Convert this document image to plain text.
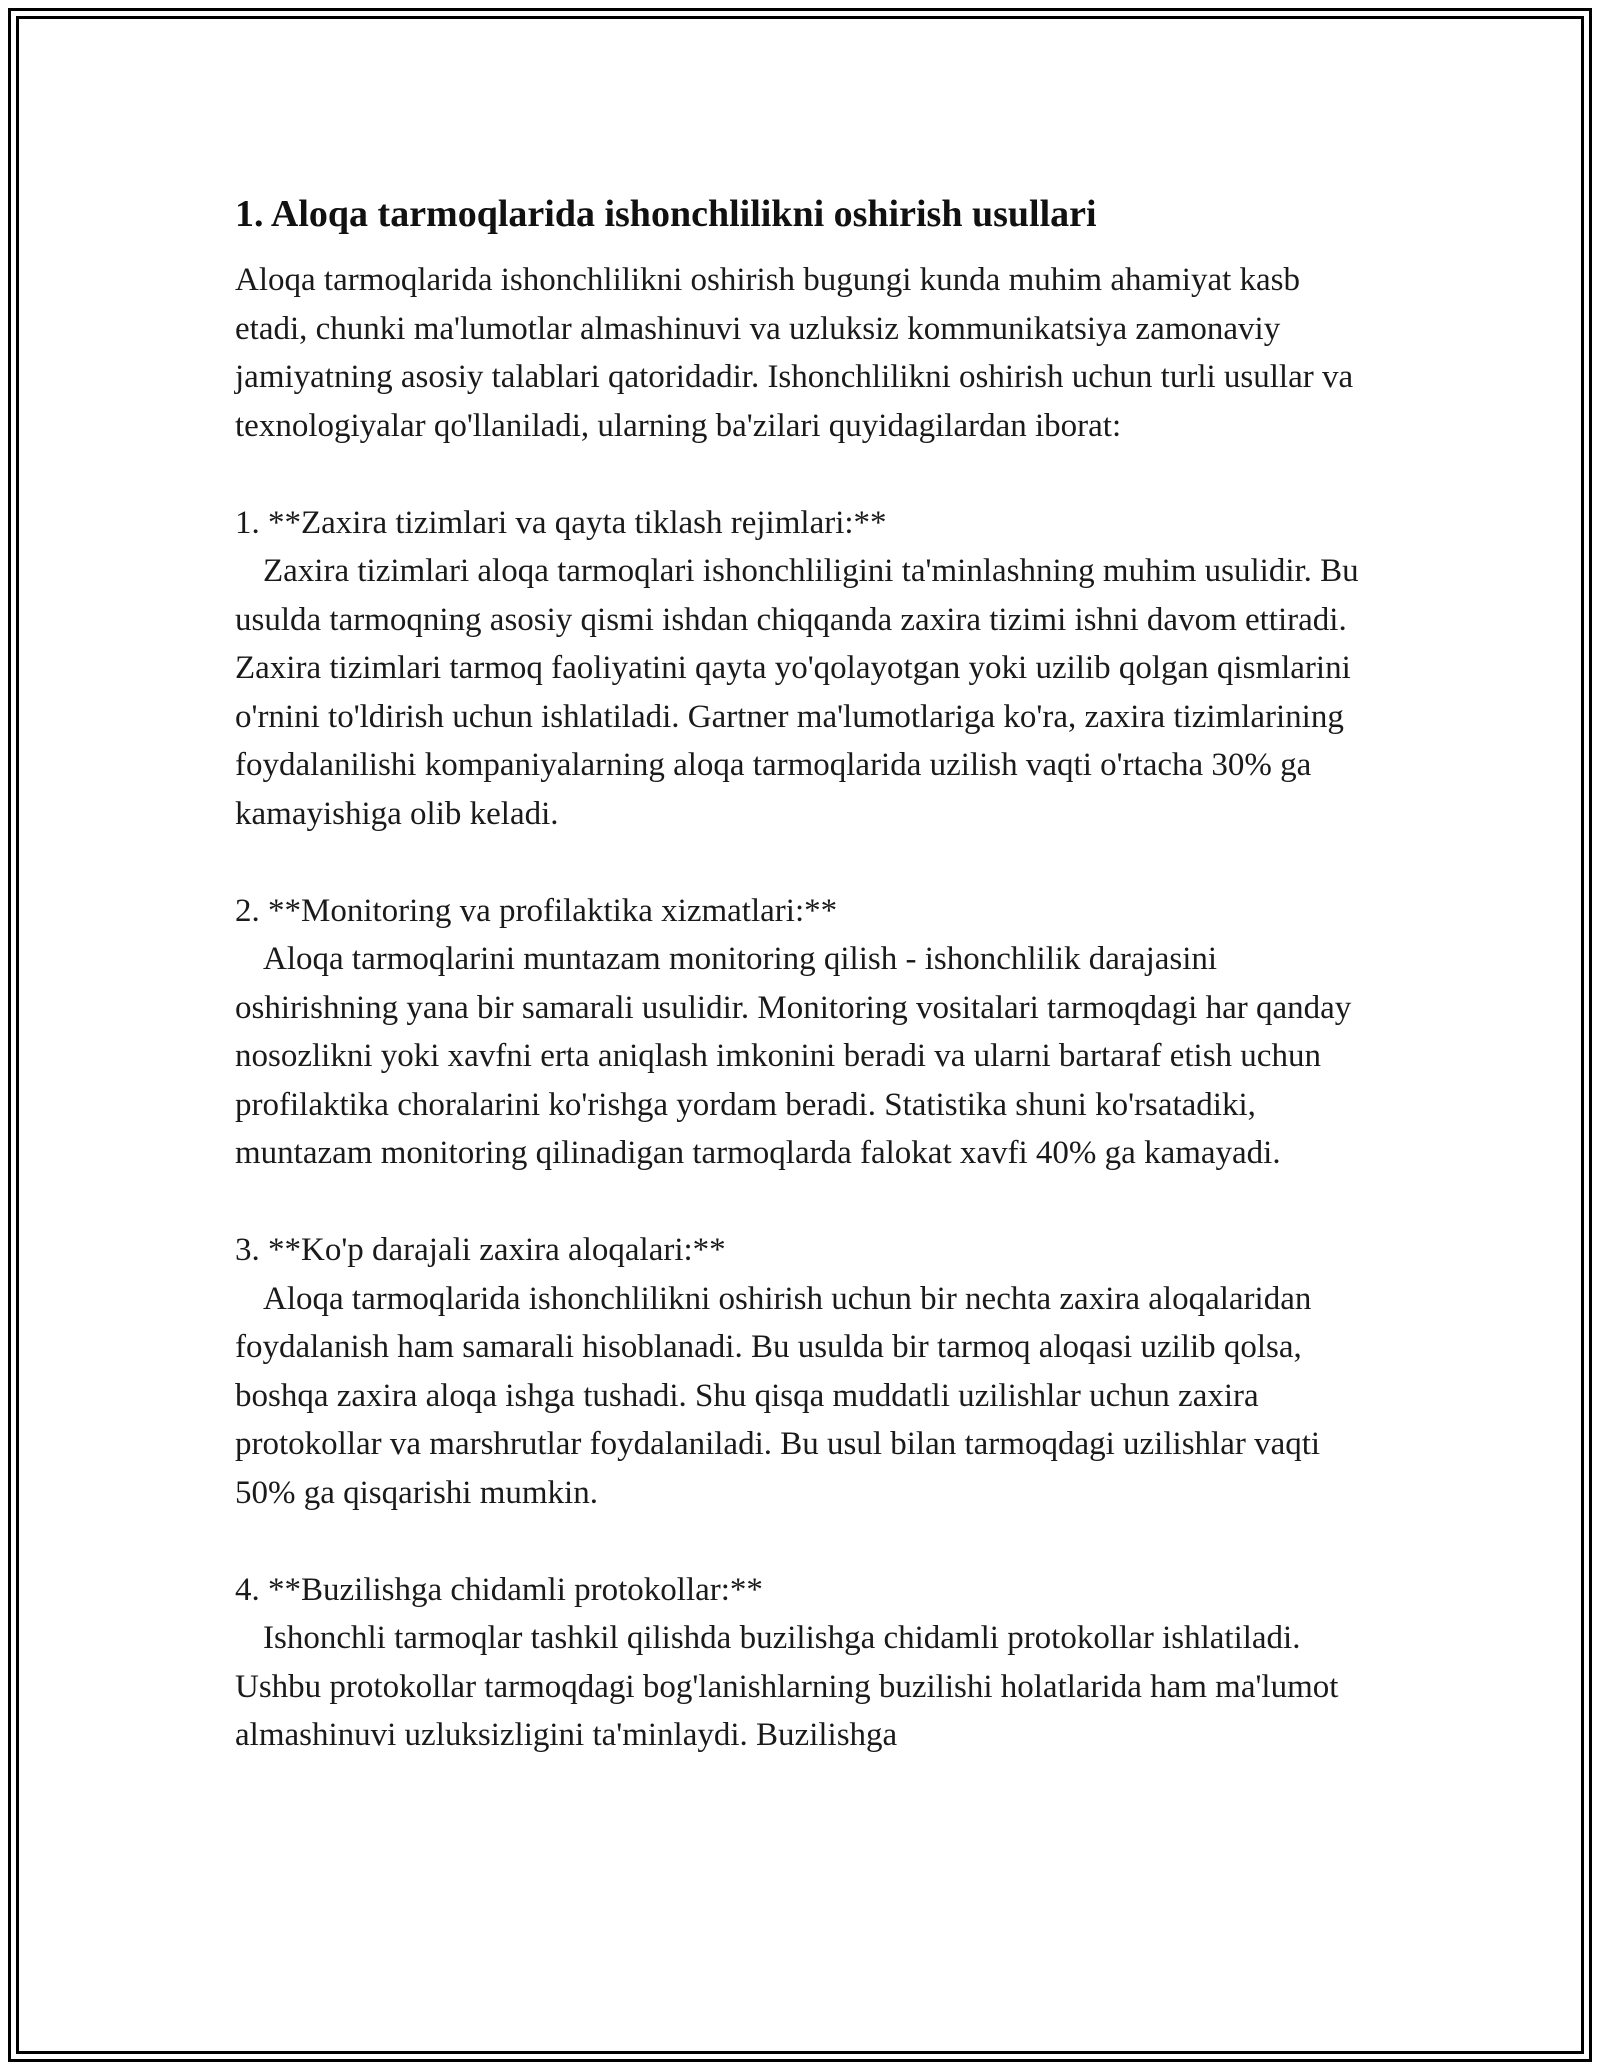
1. Aloqa tarmoqlarida ishonchlilikni oshirish usullari

Aloqa tarmoqlarida ishonchlilikni oshirish bugungi kunda muhim ahamiyat kasb etadi, chunki ma'lumotlar almashinuvi va uzluksiz kommunikatsiya zamonaviy jamiyatning asosiy talablari qatoridadir. Ishonchlilikni oshirish uchun turli usullar va texnologiyalar qo'llaniladi, ularning ba'zilari quyidagilardan iborat:

1. **Zaxira tizimlari va qayta tiklash rejimlari:**
Zaxira tizimlari aloqa tarmoqlari ishonchliligini ta'minlashning muhim usulidir. Bu usulda tarmoqning asosiy qismi ishdan chiqqanda zaxira tizimi ishni davom ettiradi. Zaxira tizimlari tarmoq faoliyatini qayta yo'qolayotgan yoki uzilib qolgan qismlarini o'rnini to'ldirish uchun ishlatiladi. Gartner ma'lumotlariga ko'ra, zaxira tizimlarining foydalanilishi kompaniyalarning aloqa tarmoqlarida uzilish vaqti o'rtacha 30% ga kamayishiga olib keladi.
2. **Monitoring va profilaktika xizmatlari:**
Aloqa tarmoqlarini muntazam monitoring qilish - ishonchlilik darajasini oshirishning yana bir samarali usulidir. Monitoring vositalari tarmoqdagi har qanday nosozlikni yoki xavfni erta aniqlash imkonini beradi va ularni bartaraf etish uchun profilaktika choralarini ko'rishga yordam beradi. Statistika shuni ko'rsatadiki, muntazam monitoring qilinadigan tarmoqlarda falokat xavfi 40% ga kamayadi.
3. **Ko'p darajali zaxira aloqalari:**
Aloqa tarmoqlarida ishonchlilikni oshirish uchun bir nechta zaxira aloqalaridan foydalanish ham samarali hisoblanadi. Bu usulda bir tarmoq aloqasi uzilib qolsa, boshqa zaxira aloqa ishga tushadi. Shu qisqa muddatli uzilishlar uchun zaxira protokollar va marshrutlar foydalaniladi. Bu usul bilan tarmoqdagi uzilishlar vaqti 50% ga qisqarishi mumkin.
4. **Buzilishga chidamli protokollar:**
Ishonchli tarmoqlar tashkil qilishda buzilishga chidamli protokollar ishlatiladi. Ushbu protokollar tarmoqdagi bog'lanishlarning buzilishi holatlarida ham ma'lumot almashinuvi uzluksizligini ta'minlaydi. Buzilishga
